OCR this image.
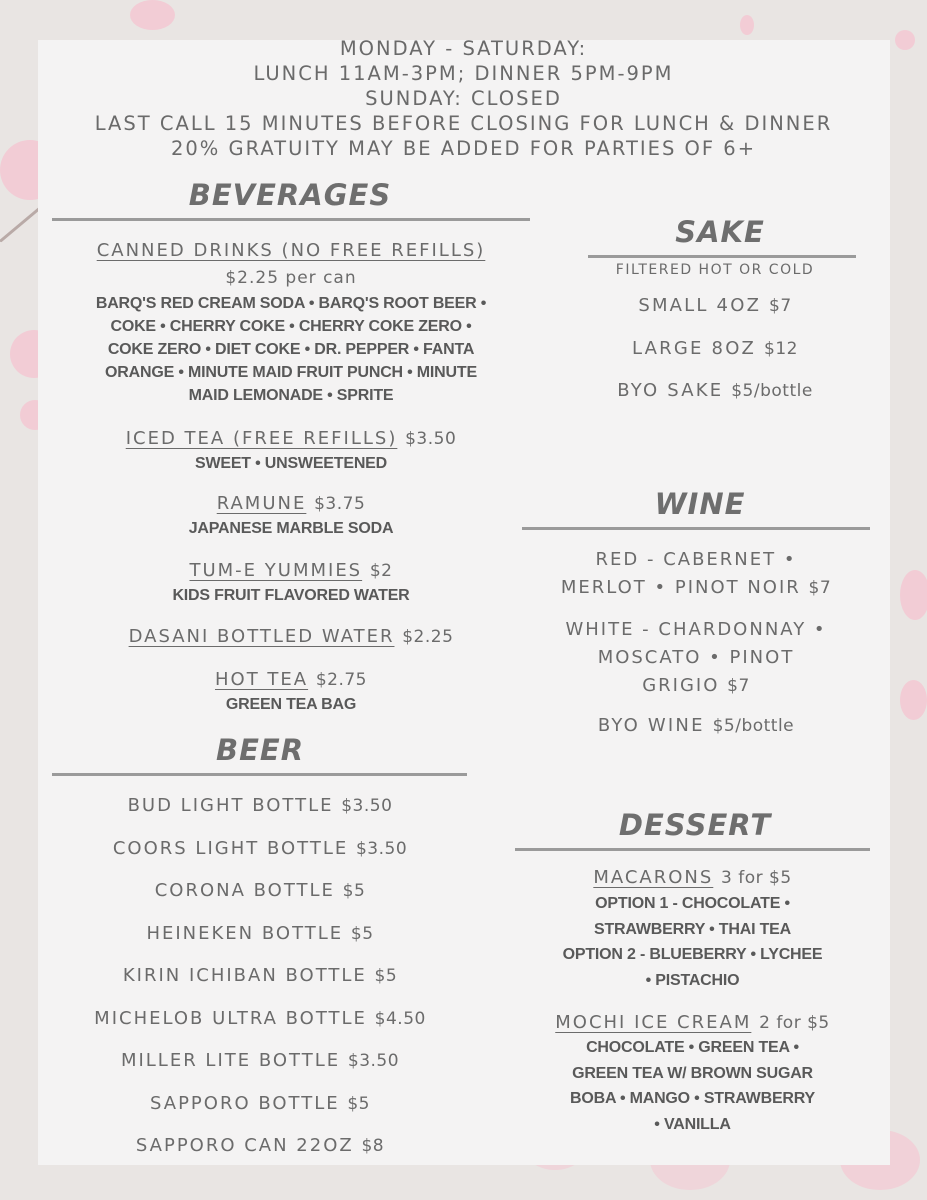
MONDAY - SATURDAY:
LUNCH 11AM-3PM; DINNER 5PM-9PM
SUNDAY: CLOSED
LAST CALL 15 MINUTES BEFORE CLOSING FOR LUNCH & DINNER
20% GRATUITY MAY BE ADDED FOR PARTIES OF 6+
BEVERAGES
CANNED DRINKS (NO FREE REFILLS)
$2.25 per can
BARQ'S RED CREAM SODA • BARQ'S ROOT BEER •
COKE • CHERRY COKE • CHERRY COKE ZERO •
COKE ZERO • DIET COKE • DR. PEPPER • FANTA
ORANGE • MINUTE MAID FRUIT PUNCH • MINUTE
MAID LEMONADE • SPRITE
ICED TEA (FREE REFILLS) $3.50
SWEET • UNSWEETENED
RAMUNE $3.75
JAPANESE MARBLE SODA
TUM-E YUMMIES $2
KIDS FRUIT FLAVORED WATER
DASANI BOTTLED WATER $2.25
HOT TEA $2.75
GREEN TEA BAG
BEER
BUD LIGHT BOTTLE $3.50
COORS LIGHT BOTTLE $3.50
CORONA BOTTLE $5
HEINEKEN BOTTLE $5
KIRIN ICHIBAN BOTTLE $5
MICHELOB ULTRA BOTTLE $4.50
MILLER LITE BOTTLE $3.50
SAPPORO BOTTLE $5
SAPPORO CAN 22OZ $8
SAKE
FILTERED HOT OR COLD
SMALL 4OZ $7
LARGE 8OZ $12
BYO SAKE $5/bottle
WINE
RED - CABERNET •
MERLOT • PINOT NOIR $7
WHITE - CHARDONNAY •
MOSCATO • PINOT
GRIGIO $7
BYO WINE $5/bottle
DESSERT
MACARONS 3 for $5
OPTION 1 - CHOCOLATE •
STRAWBERRY • THAI TEA
OPTION 2 - BLUEBERRY • LYCHEE
• PISTACHIO
MOCHI ICE CREAM 2 for $5
CHOCOLATE • GREEN TEA •
GREEN TEA W/ BROWN SUGAR
BOBA • MANGO • STRAWBERRY
• VANILLA
